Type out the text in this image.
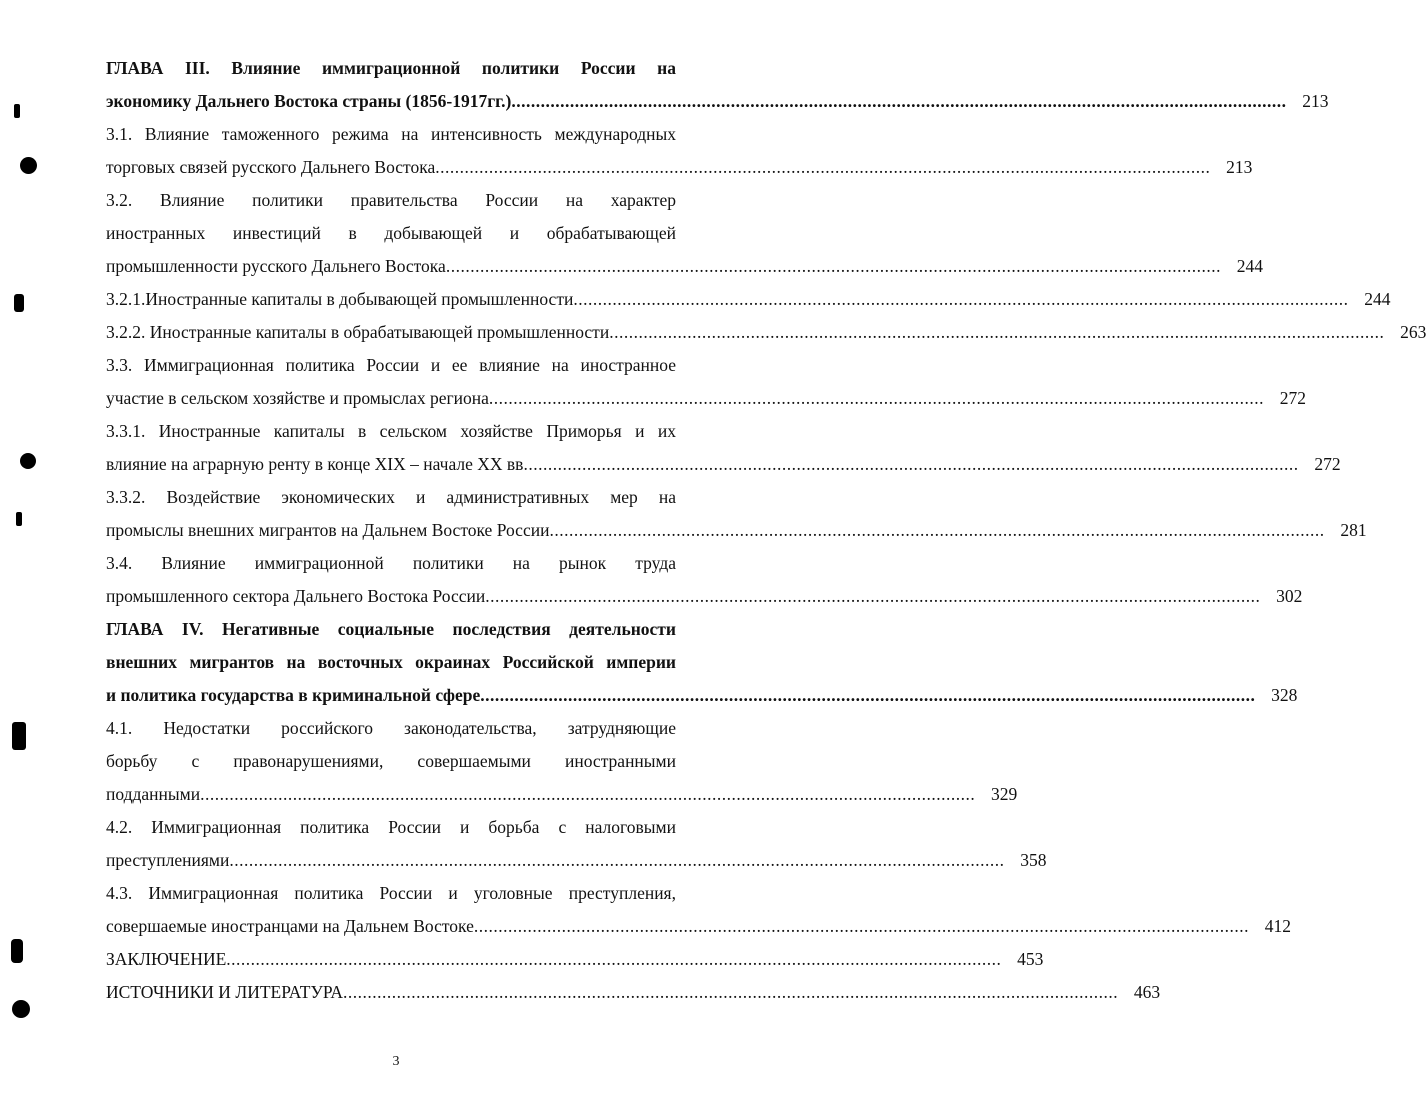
ГЛАВА III. Влияние иммиграционной политики России на
экономику Дальнего Востока страны (1856-1917гг.) ............................................................................................................................................................... 213
3.1. Влияние таможенного режима на интенсивность международных
торговых связей русского Дальнего Востока ............................................................................................................................................................... 213
3.2. Влияние политики правительства России на характер
иностранных инвестиций в добывающей и обрабатывающей
промышленности русского Дальнего Востока ............................................................................................................................................................... 244
3.2.1.Иностранные капиталы в добывающей промышленности ............................................................................................................................................................... 244
3.2.2. Иностранные капиталы в обрабатывающей промышленности ............................................................................................................................................................... 263
3.3. Иммиграционная политика России и ее влияние на иностранное
участие в сельском хозяйстве и промыслах региона ............................................................................................................................................................... 272
3.3.1. Иностранные капиталы в сельском хозяйстве Приморья и их
влияние на аграрную ренту в конце XIX – начале XX вв ............................................................................................................................................................... 272
3.3.2. Воздействие экономических и административных мер на
промыслы внешних мигрантов на Дальнем Востоке России ............................................................................................................................................................... 281
3.4. Влияние иммиграционной политики на рынок труда
промышленного сектора Дальнего Востока России ............................................................................................................................................................... 302
ГЛАВА IV. Негативные социальные последствия деятельности
внешних мигрантов на восточных окраинах Российской империи
и политика государства в криминальной сфере ............................................................................................................................................................... 328
4.1. Недостатки российского законодательства, затрудняющие
борьбу с правонарушениями, совершаемыми иностранными
подданными ............................................................................................................................................................... 329
4.2. Иммиграционная политика России и борьба с налоговыми
преступлениями ............................................................................................................................................................... 358
4.3. Иммиграционная политика России и уголовные преступления,
совершаемые иностранцами на Дальнем Востоке ............................................................................................................................................................... 412
ЗАКЛЮЧЕНИЕ ............................................................................................................................................................... 453
ИСТОЧНИКИ И ЛИТЕРАТУРА ............................................................................................................................................................... 463
3
